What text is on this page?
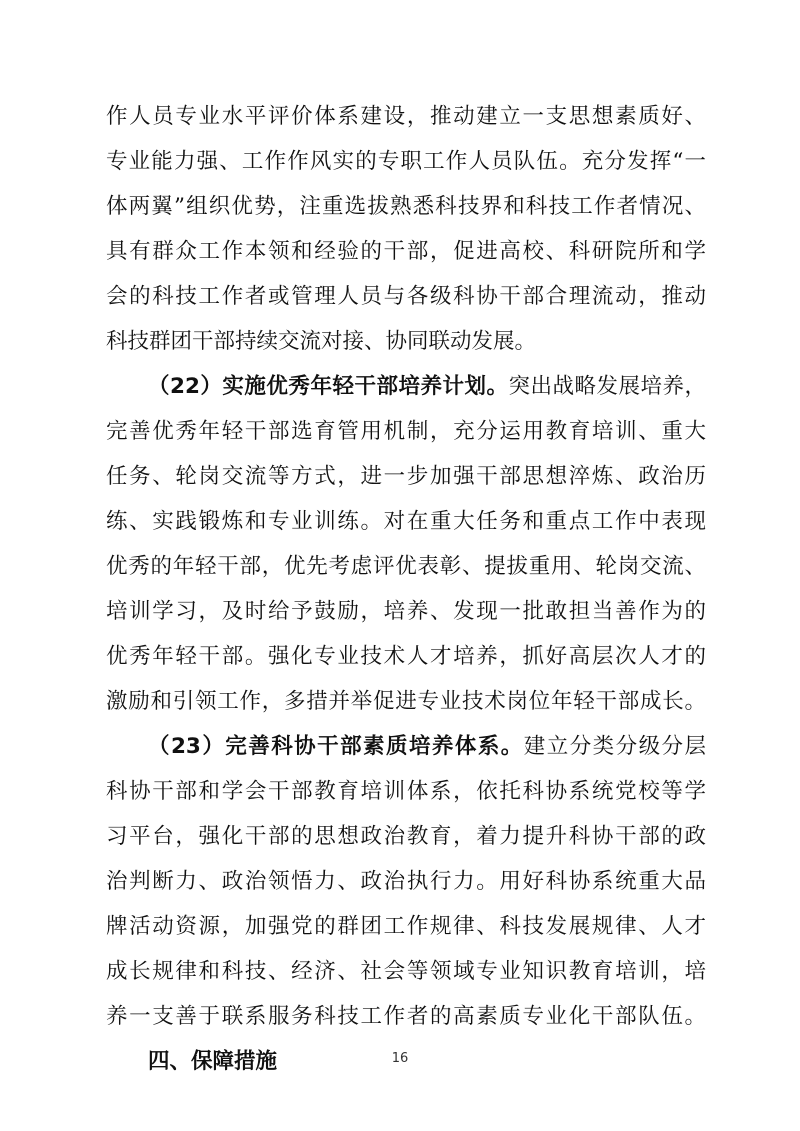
作人员专业水平评价体系建设，推动建立一支思想素质好、
专业能力强、工作作风实的专职工作人员队伍。充分发挥“一
体两翼”组织优势，注重选拔熟悉科技界和科技工作者情况、
具有群众工作本领和经验的干部，促进高校、科研院所和学
会的科技工作者或管理人员与各级科协干部合理流动，推动
科技群团干部持续交流对接、协同联动发展。
（22）实施优秀年轻干部培养计划。突出战略发展培养，
完善优秀年轻干部选育管用机制，充分运用教育培训、重大
任务、轮岗交流等方式，进一步加强干部思想淬炼、政治历
练、实践锻炼和专业训练。对在重大任务和重点工作中表现
优秀的年轻干部，优先考虑评优表彰、提拔重用、轮岗交流、
培训学习，及时给予鼓励，培养、发现一批敢担当善作为的
优秀年轻干部。强化专业技术人才培养，抓好高层次人才的
激励和引领工作，多措并举促进专业技术岗位年轻干部成长。
（23）完善科协干部素质培养体系。建立分类分级分层
科协干部和学会干部教育培训体系，依托科协系统党校等学
习平台，强化干部的思想政治教育，着力提升科协干部的政
治判断力、政治领悟力、政治执行力。用好科协系统重大品
牌活动资源，加强党的群团工作规律、科技发展规律、人才
成长规律和科技、经济、社会等领域专业知识教育培训，培
养一支善于联系服务科技工作者的高素质专业化干部队伍。
四、保障措施	16
